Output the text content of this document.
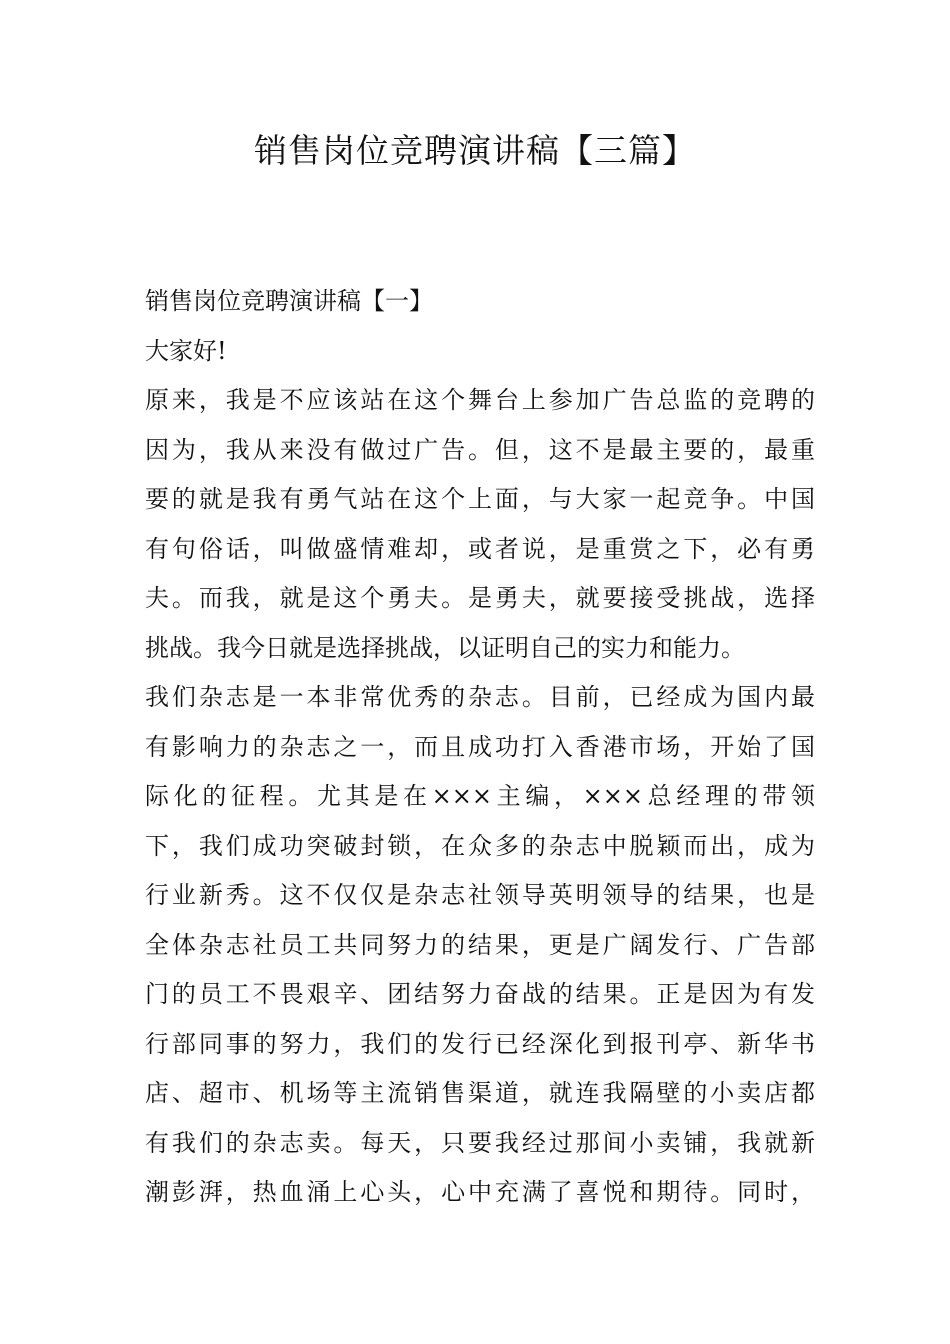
销售岗位竞聘演讲稿【三篇】
销售岗位竞聘演讲稿【一】
大家好!
原来，我是不应该站在这个舞台上参加广告总监的竞聘的
因为，我从来没有做过广告。但，这不是最主要的，最重
要的就是我有勇气站在这个上面，与大家一起竞争。中国
有句俗话，叫做盛情难却，或者说，是重赏之下，必有勇
夫。而我，就是这个勇夫。是勇夫，就要接受挑战，选择
挑战。我今日就是选择挑战，以证明自己的实力和能力。
我们杂志是一本非常优秀的杂志。目前，已经成为国内最
有影响力的杂志之一，而且成功打入香港市场，开始了国
际化的征程。尤其是在×××主编，×××总经理的带领
下，我们成功突破封锁，在众多的杂志中脱颖而出，成为
行业新秀。这不仅仅是杂志社领导英明领导的结果，也是
全体杂志社员工共同努力的结果，更是广阔发行、广告部
门的员工不畏艰辛、团结努力奋战的结果。正是因为有发
行部同事的努力，我们的发行已经深化到报刊亭、新华书
店、超市、机场等主流销售渠道，就连我隔壁的小卖店都
有我们的杂志卖。每天，只要我经过那间小卖铺，我就新
潮彭湃，热血涌上心头，心中充满了喜悦和期待。同时，
